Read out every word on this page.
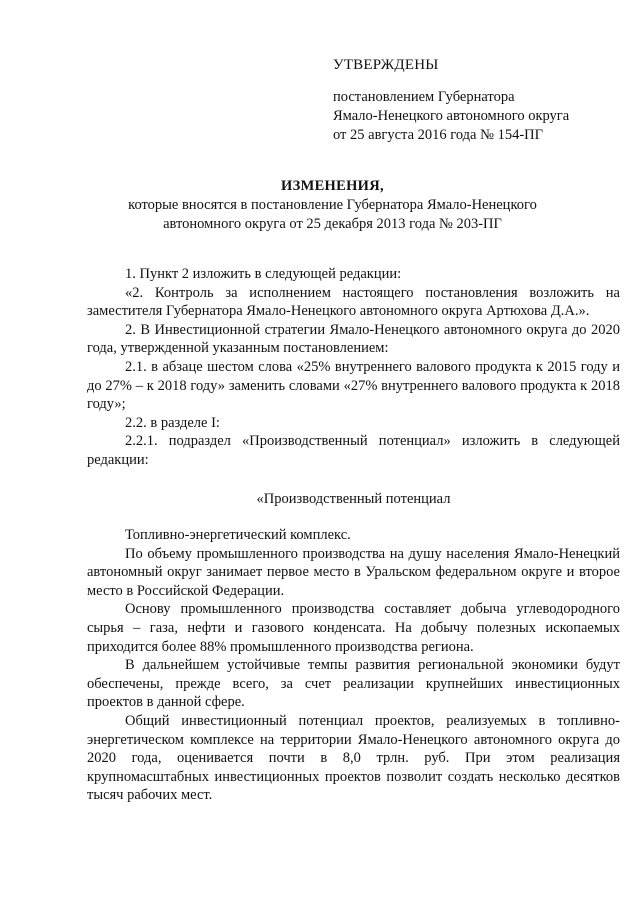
УТВЕРЖДЕНЫ
постановлением Губернатора
Ямало-Ненецкого автономного округа
от 25 августа 2016 года № 154-ПГ
ИЗМЕНЕНИЯ,
которые вносятся в постановление Губернатора Ямало-Ненецкого
автономного округа от 25 декабря 2013 года № 203-ПГ

1. Пункт 2 изложить в следующей редакции:

«2. Контроль за исполнением настоящего постановления возложить на заместителя Губернатора Ямало-Ненецкого автономного округа Артюхова Д.А.».

2. В Инвестиционной стратегии Ямало-Ненецкого автономного округа до 2020 года, утвержденной указанным постановлением:

2.1. в абзаце шестом слова «25% внутреннего валового продукта к 2015 году и до 27% – к 2018 году» заменить словами «27% внутреннего валового продукта к 2018 году»;

2.2. в разделе I:

2.2.1. подраздел «Производственный потенциал» изложить в следующей редакции:

«Производственный потенциал

Топливно-энергетический комплекс.

По объему промышленного производства на душу населения Ямало-Ненецкий автономный округ занимает первое место в Уральском федеральном округе и второе место в Российской Федерации.

Основу промышленного производства составляет добыча углеводородного сырья – газа, нефти и газового конденсата. На добычу полезных ископаемых приходится более 88% промышленного производства региона.

В дальнейшем устойчивые темпы развития региональной экономики будут обеспечены, прежде всего, за счет реализации крупнейших инвестиционных проектов в данной сфере.

Общий инвестиционный потенциал проектов, реализуемых в топливно-энергетическом комплексе на территории Ямало-Ненецкого автономного округа до 2020 года, оценивается почти в 8,0 трлн. руб. При этом реализация крупномасштабных инвестиционных проектов позволит создать несколько десятков тысяч рабочих мест.
